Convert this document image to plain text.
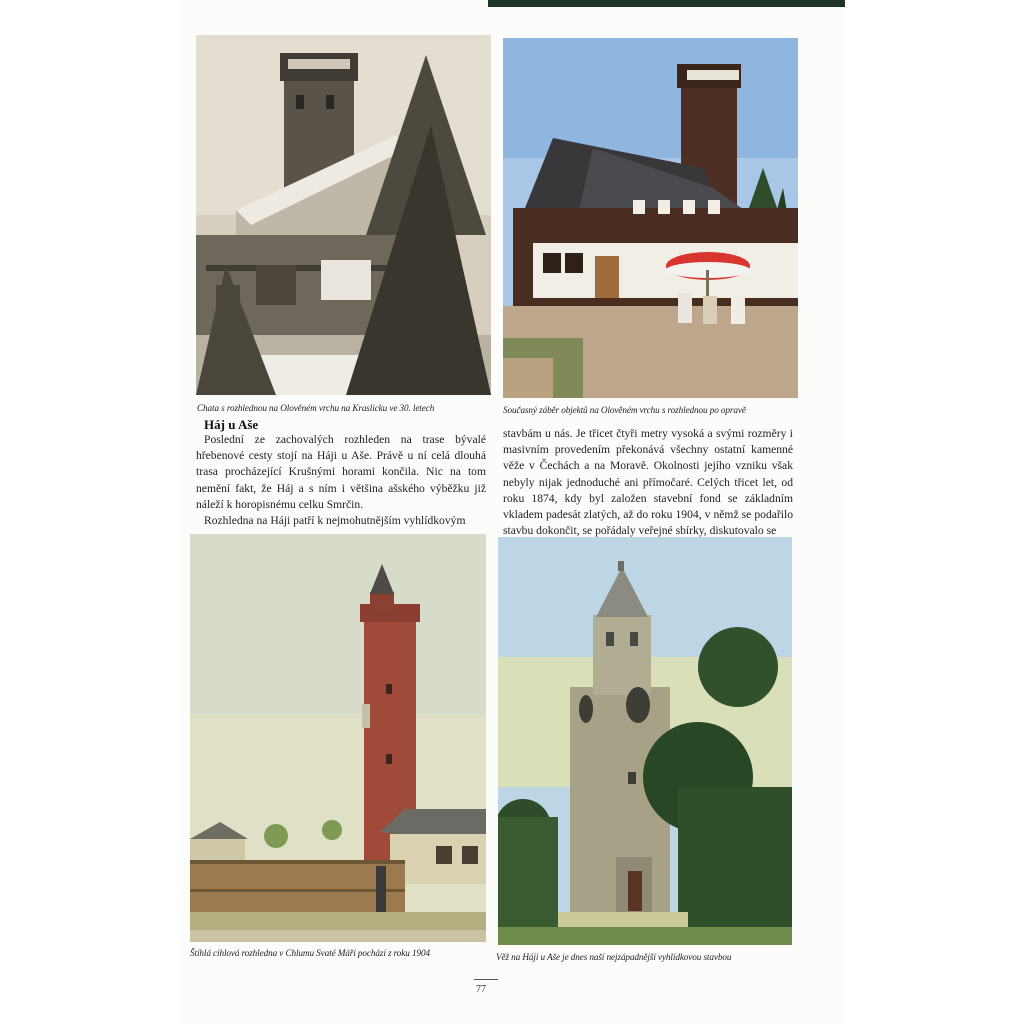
Chata s rozhlednou na Olověném vrchu na Kraslicku ve 30. letech	Současný záběr objektů na Olověném vrchu s rozhlednou po opravě
Štíhlá cihlová rozhledna v Chlumu Svaté Máří pochází z roku 1904	Věž na Háji u Aše je dnes naší nejzápadnější vyhlídkovou stavbou
Háj u Aše

Poslední ze zachovalých rozhleden na trase bývalé hřebenové cesty stojí na Háji u Aše. Právě u ní celá dlouhá trasa procházející Krušnými horami končila. Nic na tom nemění fakt, že Háj a s ním i většina ašského výběžku již náleží k horopisnému celku Smrčin.

Rozhledna na Háji patří k nejmohutnějším vyhlídkovým

stavbám u nás. Je třicet čtyři metry vysoká a svými rozměry i masivním provedením překonává všechny ostatní kamenné věže v Čechách a na Moravě. Okolnosti jejího vzniku však nebyly nijak jednoduché ani přímočaré. Celých třicet let, od roku 1874, kdy byl založen stavební fond se základním vkladem padesát zlatých, až do roku 1904, v němž se podařilo stavbu dokončit, se pořádaly veřejné sbírky, diskutovalo se

77
